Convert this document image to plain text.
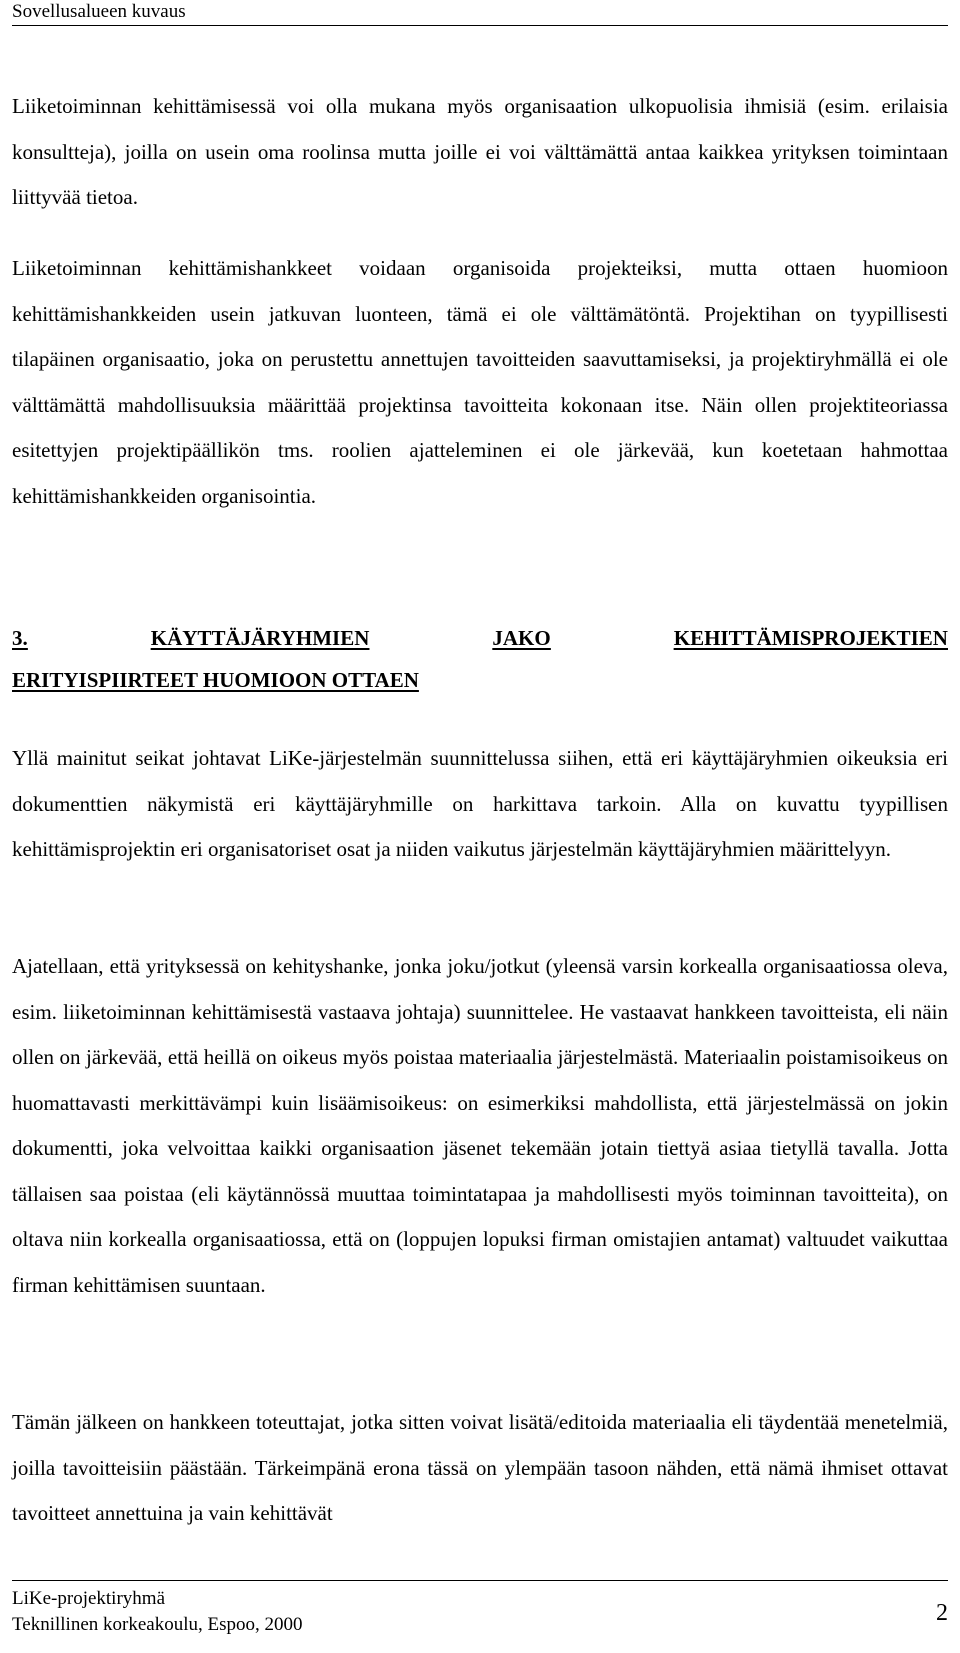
Sovellusalueen kuvaus

Liiketoiminnan kehittämisessä voi olla mukana myös organisaation ulkopuolisia ihmisiä (esim. erilaisia konsultteja), joilla on usein oma roolinsa mutta joille ei voi välttämättä antaa kaikkea yrityksen toimintaan liittyvää tietoa.

Liiketoiminnan kehittämishankkeet voidaan organisoida projekteiksi, mutta ottaen huomioon kehittämishankkeiden usein jatkuvan luonteen, tämä ei ole välttämätöntä. Projektihan on tyypillisesti tilapäinen organisaatio, joka on perustettu annettujen tavoitteiden saavuttamiseksi, ja projektiryhmällä ei ole välttämättä mahdollisuuksia määrittää projektinsa tavoitteita kokonaan itse. Näin ollen projektiteoriassa esitettyjen projektipäällikön tms. roolien ajatteleminen ei ole järkevää, kun koetetaan hahmottaa kehittämishankkeiden organisointia.

3.	KÄYTTÄJÄRYHMIEN	JAKO	KEHITTÄMISPROJEKTIEN
ERITYISPIIRTEET HUOMIOON OTTAEN

Yllä mainitut seikat johtavat LiKe-järjestelmän suunnittelussa siihen, että eri käyttäjäryhmien oikeuksia eri dokumenttien näkymistä eri käyttäjäryhmille on harkittava tarkoin. Alla on kuvattu tyypillisen kehittämisprojektin eri organisatoriset osat ja niiden vaikutus järjestelmän käyttäjäryhmien määrittelyyn.

Ajatellaan, että yrityksessä on kehityshanke, jonka joku/jotkut (yleensä varsin korkealla organisaatiossa oleva, esim. liiketoiminnan kehittämisestä vastaava johtaja) suunnittelee. He vastaavat hankkeen tavoitteista, eli näin ollen on järkevää, että heillä on oikeus myös poistaa materiaalia järjestelmästä. Materiaalin poistamisoikeus on huomattavasti merkittävämpi kuin lisäämisoikeus: on esimerkiksi mahdollista, että järjestelmässä on jokin dokumentti, joka velvoittaa kaikki organisaation jäsenet tekemään jotain tiettyä asiaa tietyllä tavalla. Jotta tällaisen saa poistaa (eli käytännössä muuttaa toimintatapaa ja mahdollisesti myös toiminnan tavoitteita), on oltava niin korkealla organisaatiossa, että on (loppujen lopuksi firman omistajien antamat) valtuudet vaikuttaa firman kehittämisen suuntaan.

Tämän jälkeen on hankkeen toteuttajat, jotka sitten voivat lisätä/editoida materiaalia eli täydentää menetelmiä, joilla tavoitteisiin päästään. Tärkeimpänä erona tässä on ylempään tasoon nähden, että nämä ihmiset ottavat tavoitteet annettuina ja vain kehittävät

LiKe-projektiryhmä
Teknillinen korkeakoulu, Espoo, 2000	2
